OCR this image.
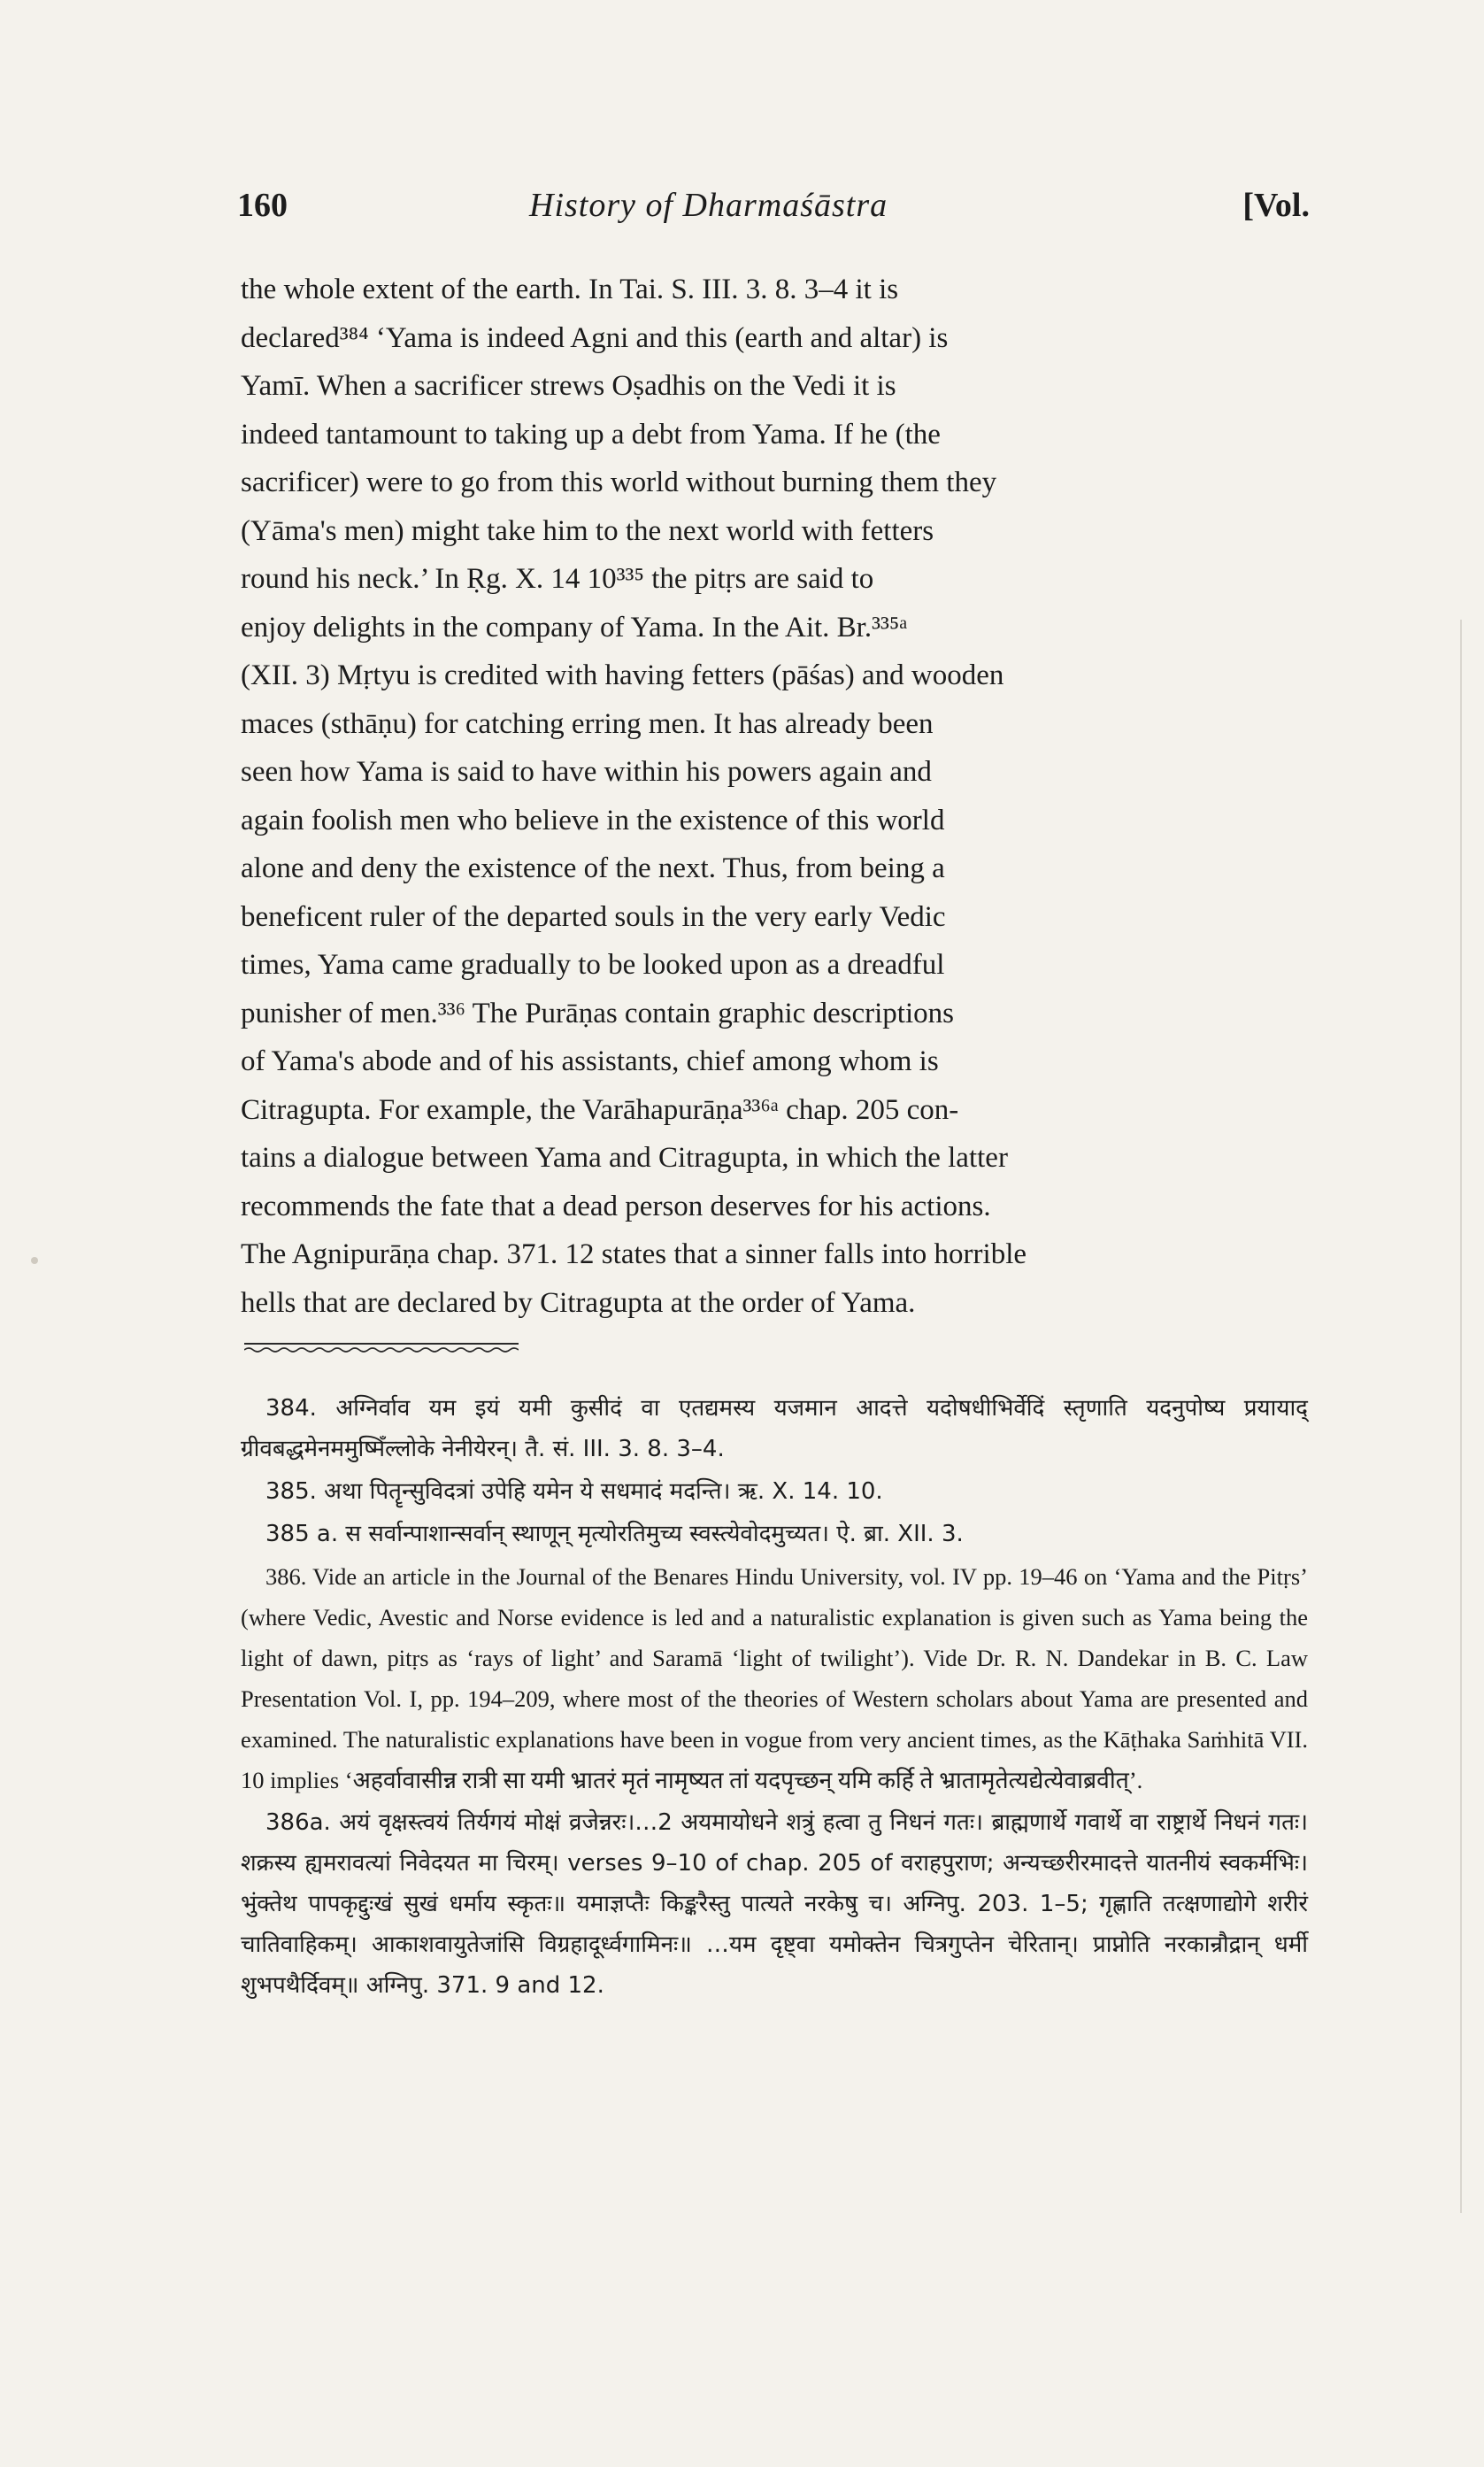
160	History of Dharmaśāstra	[Vol.

the whole extent of the earth. In Tai. S. III. 3. 8. 3–4 it is

declared³⁸⁴ ‘Yama is indeed Agni and this (earth and altar) is

Yamī. When a sacrificer strews Oṣadhis on the Vedi it is

indeed tantamount to taking up a debt from Yama. If he (the

sacrificer) were to go from this world without burning them they

(Yāma's men) might take him to the next world with fetters

round his neck.’ In Ṛg. X. 14 10³³⁵ the pitṛs are said to

enjoy delights in the company of Yama. In the Ait. Br.³³⁵ᵃ

(XII. 3) Mṛtyu is credited with having fetters (pāśas) and wooden

maces (sthāṇu) for catching erring men. It has already been

seen how Yama is said to have within his powers again and

again foolish men who believe in the existence of this world

alone and deny the existence of the next. Thus, from being a

beneficent ruler of the departed souls in the very early Vedic

times, Yama came gradually to be looked upon as a dreadful

punisher of men.³³⁶ The Purāṇas contain graphic descriptions

of Yama's abode and of his assistants, chief among whom is

Citragupta. For example, the Varāhapurāṇa³³⁶ᵃ chap. 205 con-

tains a dialogue between Yama and Citragupta, in which the latter

recommends the fate that a dead person deserves for his actions.

The Agnipurāṇa chap. 371. 12 states that a sinner falls into horrible

hells that are declared by Citragupta at the order of Yama.

384. अग्निर्वाव यम इयं यमी कुसीदं वा एतद्यमस्य यजमान आदत्ते यदोषधीभिर्वेदिं स्तृणाति यदनुपोष्य प्रयायाद् ग्रीवबद्धमेनममुष्मिँल्लोके नेनीयेरन्। तै. सं. III. 3. 8. 3–4.

385. अथा पितॄन्सुविदत्रां उपेहि यमेन ये सधमादं मदन्ति। ऋ. X. 14. 10.

385 a. स सर्वान्पाशान्सर्वान् स्थाणून् मृत्योरतिमुच्य स्वस्त्येवोदमुच्यत। ऐ. ब्रा. XII. 3.

386. Vide an article in the Journal of the Benares Hindu University, vol. IV pp. 19–46 on ‘Yama and the Pitṛs’ (where Vedic, Avestic and Norse evidence is led and a naturalistic explanation is given such as Yama being the light of dawn, pitṛs as ‘rays of light’ and Saramā ‘light of twilight’). Vide Dr. R. N. Dandekar in B. C. Law Presentation Vol. I, pp. 194–209, where most of the theories of Western scholars about Yama are presented and examined. The naturalistic explanations have been in vogue from very ancient times, as the Kāṭhaka Saṁhitā VII. 10 implies ‘अहर्वावासीन्न रात्री सा यमी भ्रातरं मृतं नामृष्यत तां यदपृच्छन् यमि कर्हि ते भ्रातामृतेत्यद्येत्येवाब्रवीत्’.

386a. अयं वृक्षस्त्वयं तिर्यगयं मोक्षं व्रजेन्नरः।…2 अयमायोधने शत्रुं हत्वा तु निधनं गतः। ब्राह्मणार्थे गवार्थे वा राष्ट्रार्थे निधनं गतः। शक्रस्य ह्यमरावत्यां निवेदयत मा चिरम्। verses 9–10 of chap. 205 of वराहपुराण; अन्यच्छरीरमादत्ते यातनीयं स्वकर्मभिः। भुंक्तेथ पापकृद्दुःखं सुखं धर्माय स्कृतः॥ यमाज्ञप्तैः किङ्करैस्तु पात्यते नरकेषु च। अग्निपु. 203. 1–5; गृह्णाति तत्क्षणाद्योगे शरीरं चातिवाहिकम्। आकाशवायुतेजांसि विग्रहादूर्ध्वगामिनः॥ …यम दृष्ट्वा यमोक्तेन चित्रगुप्तेन चेरितान्। प्राप्नोति नरकान्रौद्रान् धर्मी शुभपथैर्दिवम्॥ अग्निपु. 371. 9 and 12.
